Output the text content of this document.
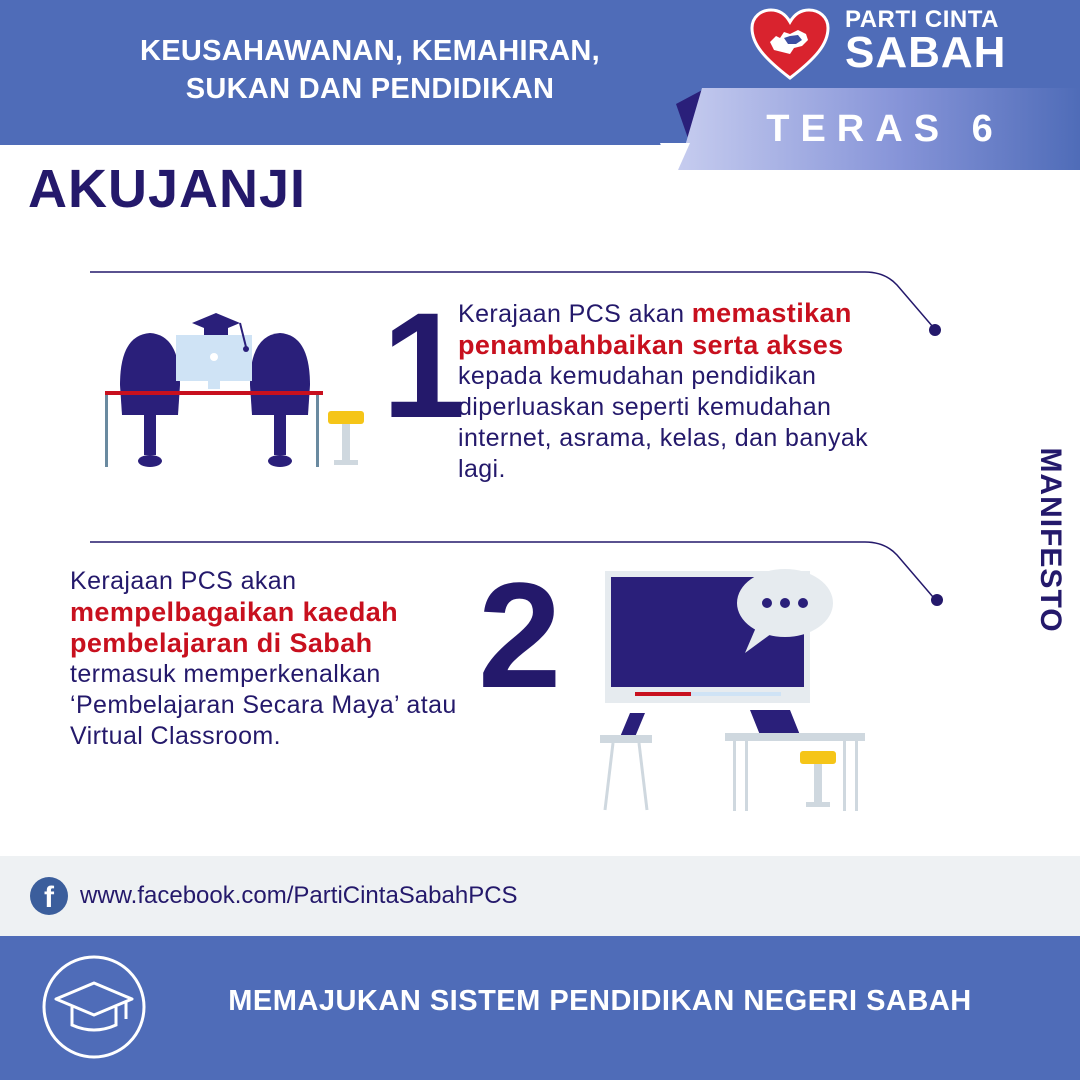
KEUSAHAWANAN, KEMAHIRAN,
SUKAN DAN PENDIDIKAN
PARTI CINTA
SABAH
TERAS 6
AKUJANJI
1
Kerajaan PCS akan memastikan
penambahbaikan serta akses
kepada kemudahan pendidikan
diperluaskan seperti kemudahan
internet, asrama, kelas, dan banyak
lagi.
Kerajaan PCS akan
mempelbagaikan kaedah
pembelajaran di Sabah
termasuk memperkenalkan
‘Pembelajaran Secara Maya’ atau
Virtual Classroom.
2
MANIFESTO
f	www.facebook.com/PartiCintaSabahPCS
MEMAJUKAN SISTEM PENDIDIKAN NEGERI SABAH
